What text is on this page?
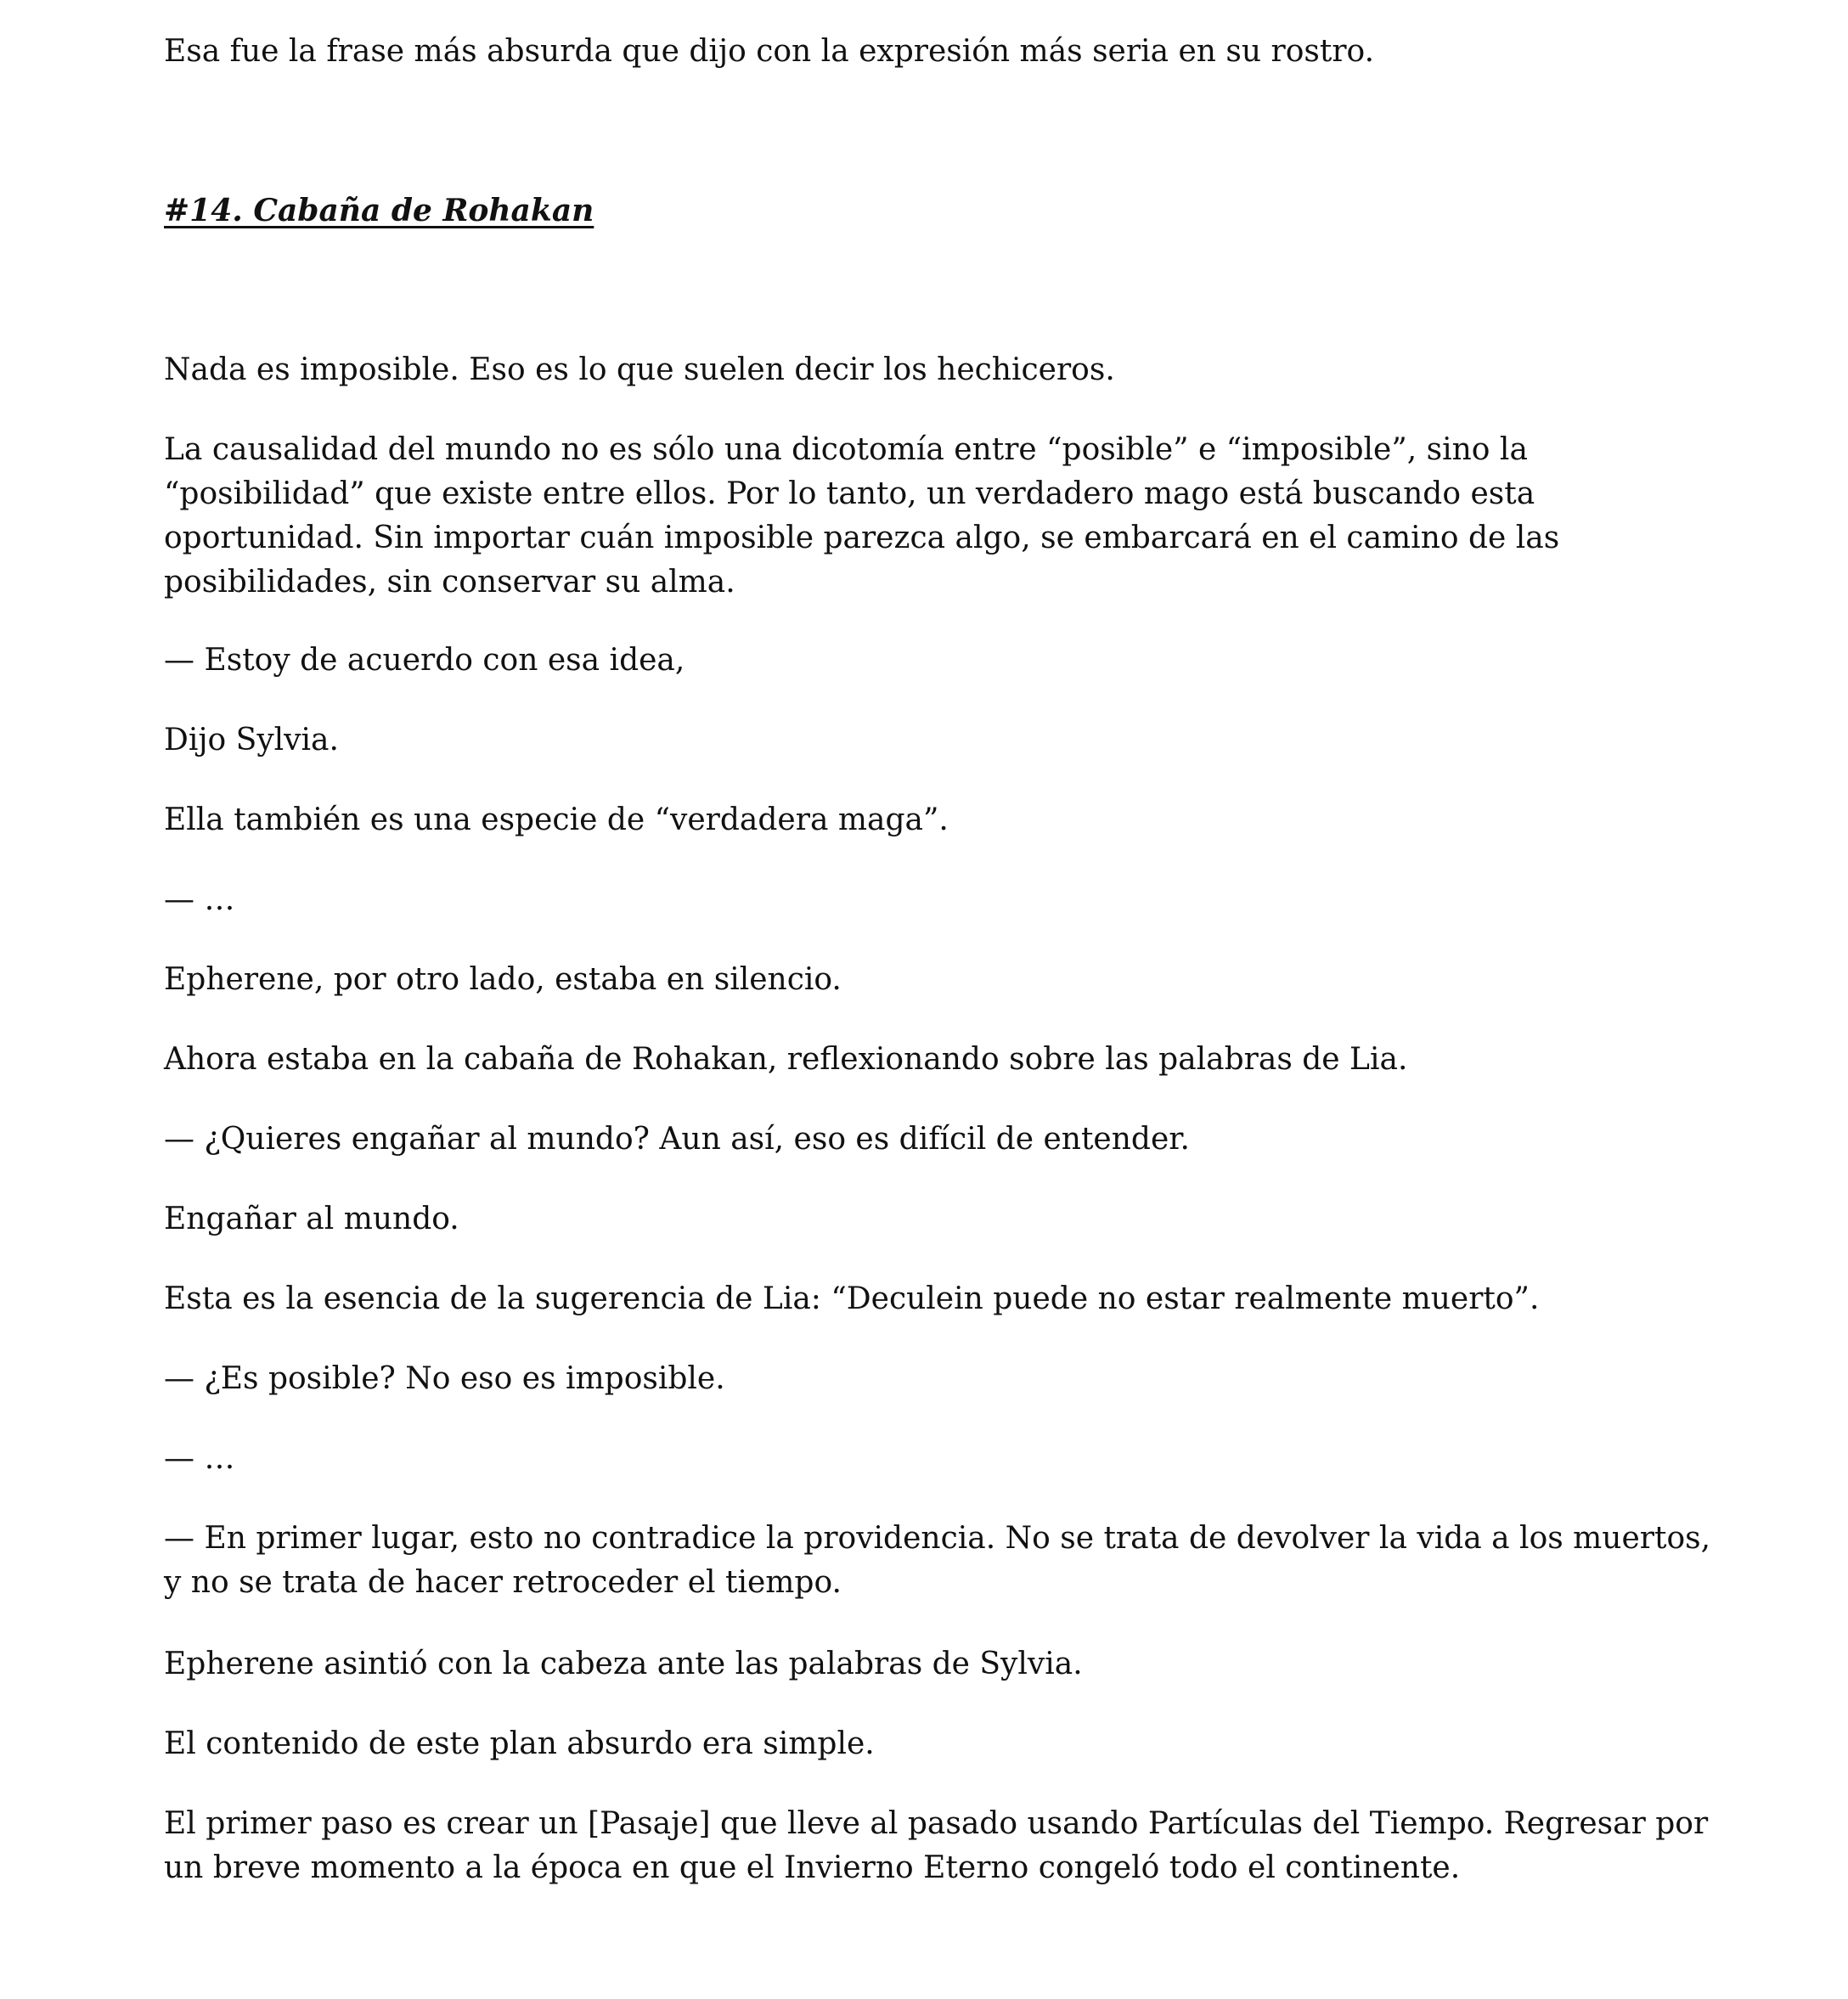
Esa fue la frase más absurda que dijo con la expresión más seria en su rostro.

#14. Cabaña de Rohakan

Nada es imposible. Eso es lo que suelen decir los hechiceros.

La causalidad del mundo no es sólo una dicotomía entre “posible” e “imposible”, sino la
“posibilidad” que existe entre ellos. Por lo tanto, un verdadero mago está buscando esta
oportunidad. Sin importar cuán imposible parezca algo, se embarcará en el camino de las
posibilidades, sin conservar su alma.

— Estoy de acuerdo con esa idea,

Dijo Sylvia.

Ella también es una especie de “verdadera maga”.

— …

Epherene, por otro lado, estaba en silencio.

Ahora estaba en la cabaña de Rohakan, reflexionando sobre las palabras de Lia.

— ¿Quieres engañar al mundo? Aun así, eso es difícil de entender.

Engañar al mundo.

Esta es la esencia de la sugerencia de Lia: “Deculein puede no estar realmente muerto”.

— ¿Es posible? No eso es imposible.

— …

— En primer lugar, esto no contradice la providencia. No se trata de devolver la vida a los muertos,
y no se trata de hacer retroceder el tiempo.

Epherene asintió con la cabeza ante las palabras de Sylvia.

El contenido de este plan absurdo era simple.

El primer paso es crear un [Pasaje] que lleve al pasado usando Partículas del Tiempo. Regresar por
un breve momento a la época en que el Invierno Eterno congeló todo el continente.
